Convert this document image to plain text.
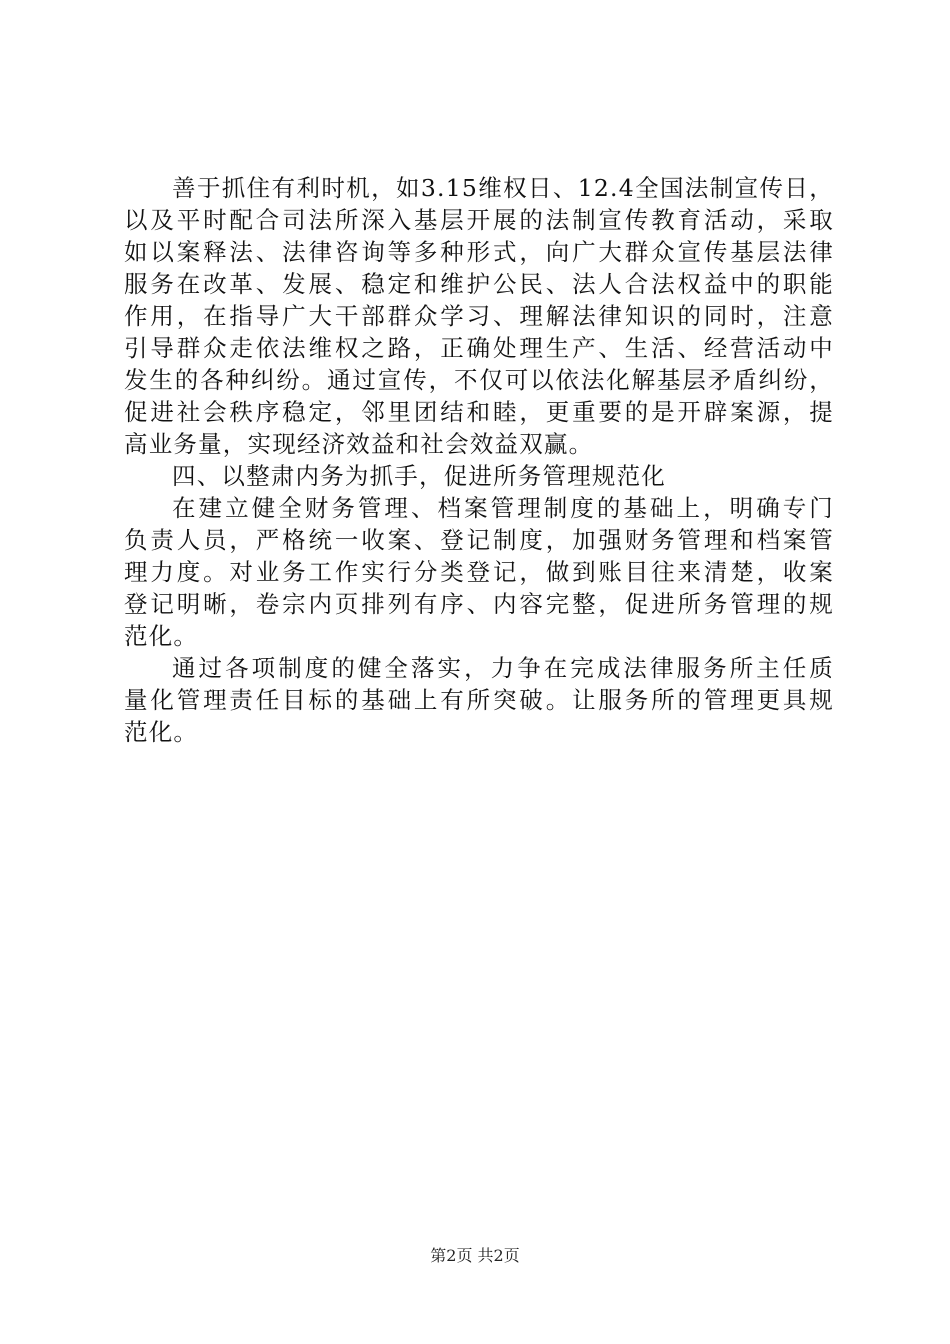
善于抓住有利时机，如3.15维权日、12.4全国法制宣传日，
以及平时配合司法所深入基层开展的法制宣传教育活动，采取
如以案释法、法律咨询等多种形式，向广大群众宣传基层法律
服务在改革、发展、稳定和维护公民、法人合法权益中的职能
作用，在指导广大干部群众学习、理解法律知识的同时，注意
引导群众走依法维权之路，正确处理生产、生活、经营活动中
发生的各种纠纷。通过宣传，不仅可以依法化解基层矛盾纠纷，
促进社会秩序稳定，邻里团结和睦，更重要的是开辟案源，提
高业务量，实现经济效益和社会效益双赢。
四、以整肃内务为抓手，促进所务管理规范化
在建立健全财务管理、档案管理制度的基础上，明确专门
负责人员，严格统一收案、登记制度，加强财务管理和档案管
理力度。对业务工作实行分类登记，做到账目往来清楚，收案
登记明晰，卷宗内页排列有序、内容完整，促进所务管理的规
范化。
通过各项制度的健全落实，力争在完成法律服务所主任质
量化管理责任目标的基础上有所突破。让服务所的管理更具规
范化。
第2页 共2页
